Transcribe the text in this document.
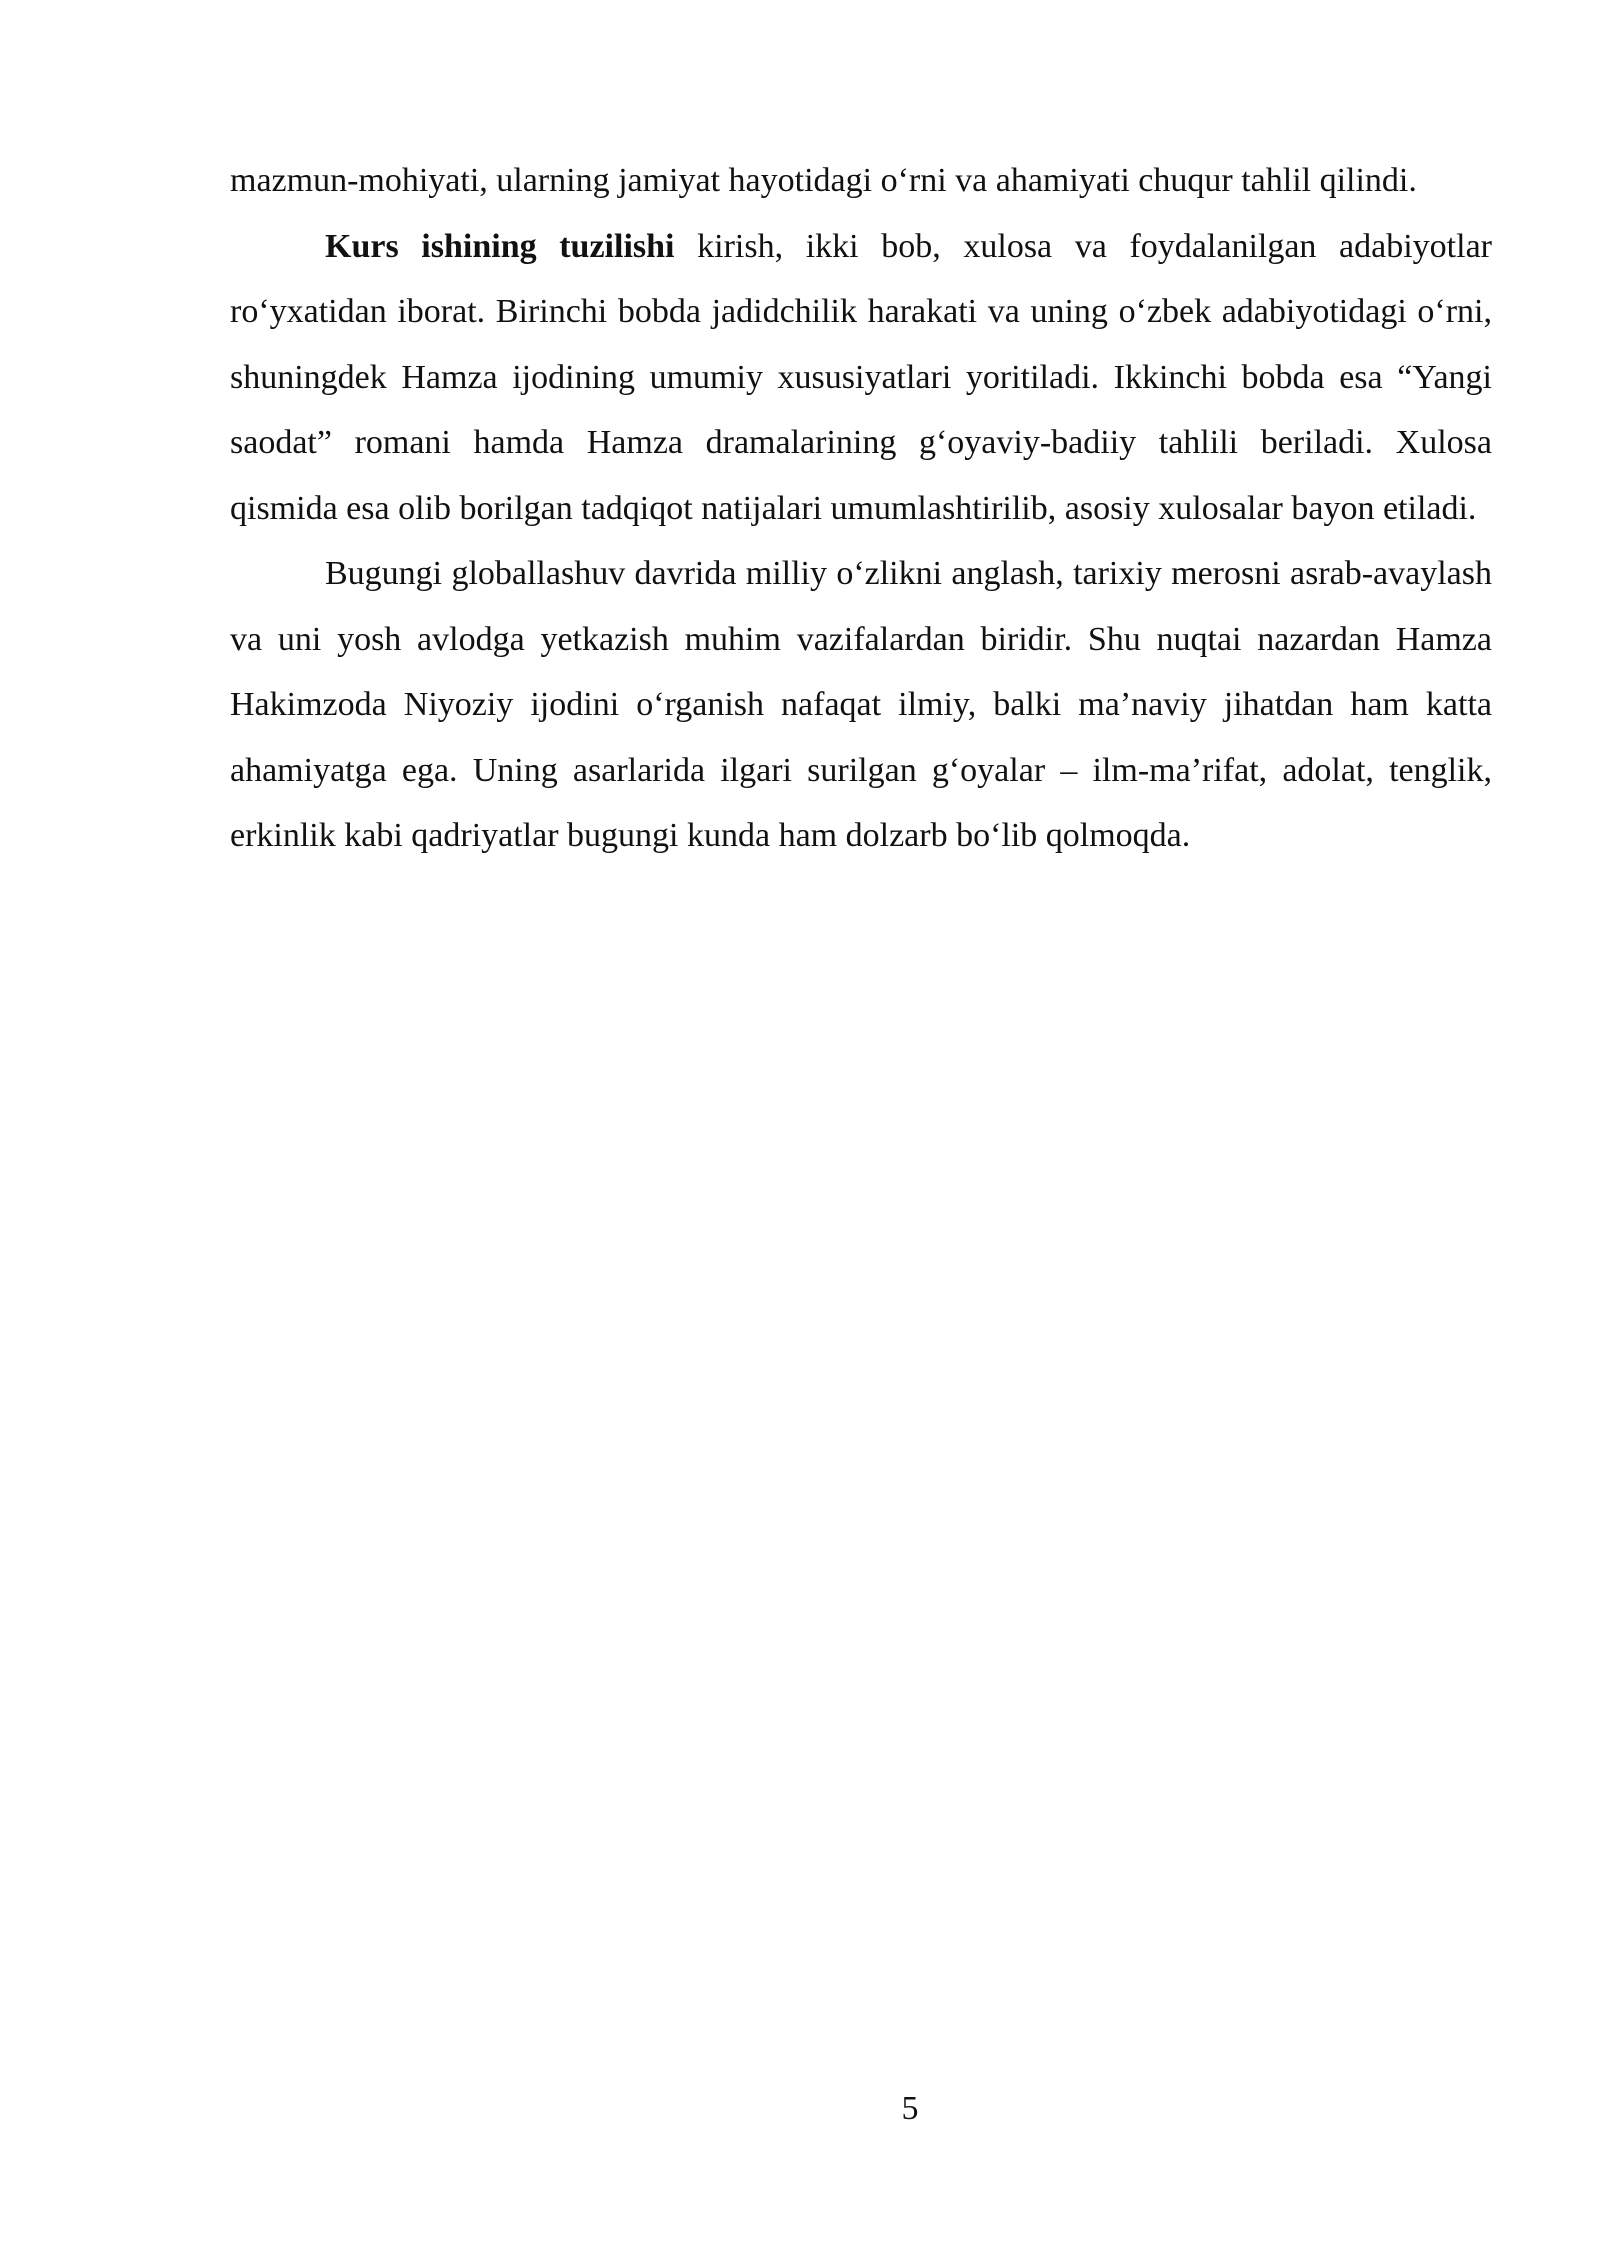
mazmun-mohiyati, ularning jamiyat hayotidagi o‘rni va ahamiyati chuqur tahlil qilindi.

Kurs ishining tuzilishi kirish, ikki bob, xulosa va foydalanilgan adabiyotlar ro‘yxatidan iborat. Birinchi bobda jadidchilik harakati va uning o‘zbek adabiyotidagi o‘rni, shuningdek Hamza ijodining umumiy xususiyatlari yoritiladi. Ikkinchi bobda esa “Yangi saodat” romani hamda Hamza dramalarining g‘oyaviy-badiiy tahlili beriladi. Xulosa qismida esa olib borilgan tadqiqot natijalari umumlashtirilib, asosiy xulosalar bayon etiladi.

Bugungi globallashuv davrida milliy o‘zlikni anglash, tarixiy merosni asrab-avaylash va uni yosh avlodga yetkazish muhim vazifalardan biridir. Shu nuqtai nazardan Hamza Hakimzoda Niyoziy ijodini o‘rganish nafaqat ilmiy, balki ma’naviy jihatdan ham katta ahamiyatga ega. Uning asarlarida ilgari surilgan g‘oyalar – ilm-ma’rifat, adolat, tenglik, erkinlik kabi qadriyatlar bugungi kunda ham dolzarb bo‘lib qolmoqda.

5
